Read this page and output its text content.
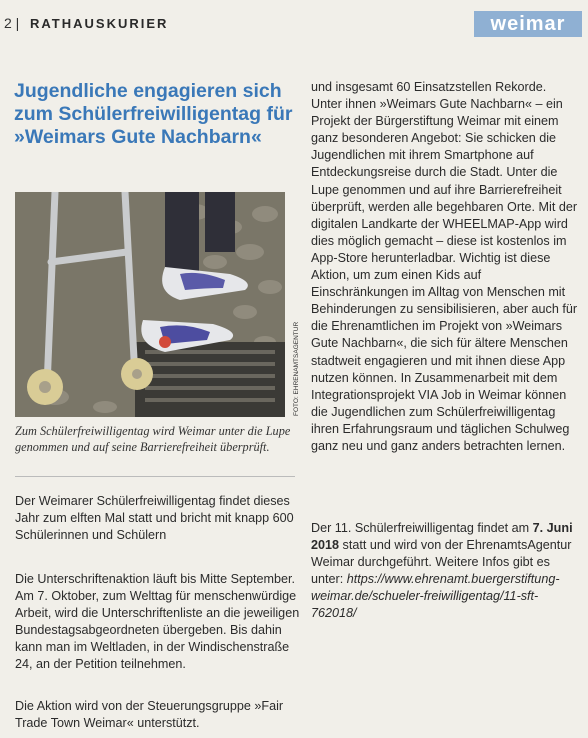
2 | RATHAUSKURIER	weimar
Jugendliche engagieren sich zum Schülerfreiwilligentag für »Weimars Gute Nachbarn«
FOTO: EHRENAMTSAGENTUR

Zum Schülerfreiwilligentag wird Weimar unter die Lupe genommen und auf seine Barrierefreiheit überprüft.

Der Weimarer Schülerfreiwilligentag findet dieses Jahr zum elften Mal statt und bricht mit knapp 600 Schülerinnen und Schülern

Die Unterschriftenaktion läuft bis Mitte September. Am 7. Oktober, zum Welttag für menschenwürdige Arbeit, wird die Unterschriftenliste an die jeweiligen Bundestagsabgeordneten übergeben. Bis dahin kann man im Weltladen, in der Windischenstraße 24, an der Petition teilnehmen.

Die Aktion wird von der Steuerungsgruppe »Fair Trade Town Weimar« unterstützt.

und insgesamt 60 Einsatzstellen Rekorde. Unter ihnen »Weimars Gute Nachbarn« – ein Projekt der Bürgerstiftung Weimar mit einem ganz besonderen Angebot: Sie schicken die Jugendlichen mit ihrem Smartphone auf Entdeckungsreise durch die Stadt. Unter die Lupe genommen und auf ihre Barrierefreiheit überprüft, werden alle begehbaren Orte. Mit der digitalen Landkarte der WHEELMAP-App wird dies möglich gemacht – diese ist kostenlos im App-Store herunterladbar. Wichtig ist diese Aktion, um zum einen Kids auf Einschränkungen im Alltag von Menschen mit Behinderungen zu sensibilisieren, aber auch für die Ehrenamtlichen im Projekt von »Weimars Gute Nachbarn«, die sich für ältere Menschen stadtweit engagieren und mit ihnen diese App nutzen können. In Zusammenarbeit mit dem Integrationsprojekt VIA Job in Weimar können die Jugendlichen zum Schülerfreiwilligentag ihren Erfahrungsraum und täglichen Schulweg ganz neu und ganz anders betrachten lernen.

Der 11. Schülerfreiwilligentag findet am 7. Juni 2018 statt und wird von der EhrenamtsAgentur Weimar durchgeführt. Weitere Infos gibt es unter: https://www.ehrenamt.​buergerstiftung-weimar.de/schueler-freiwilligentag/11-sft-762018/
